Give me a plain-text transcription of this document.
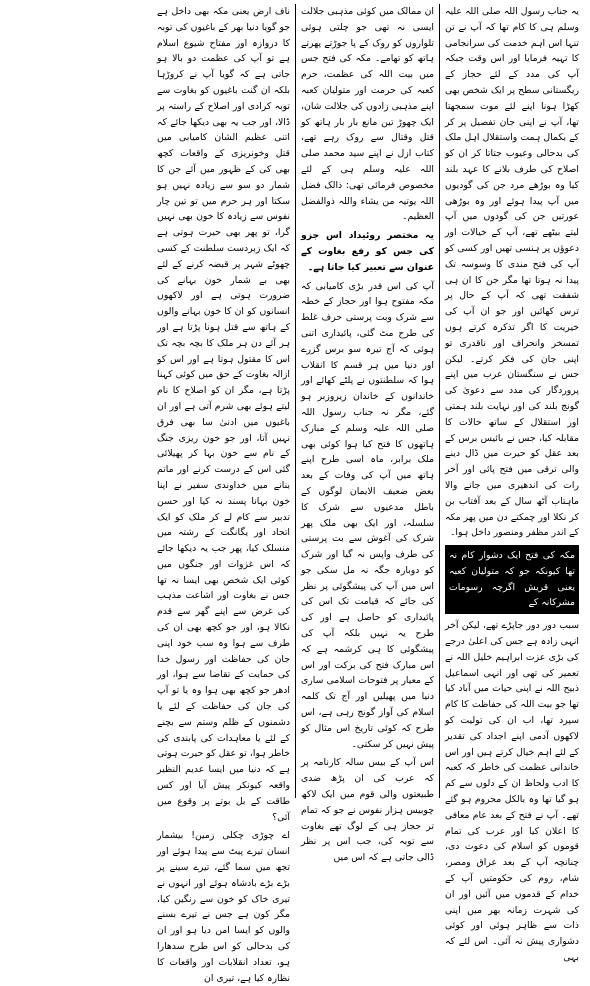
یہ جناب رسول اللہ صلی اللہ علیہ وسلم ہی کا کام تھا کہ آپ نے تن تنہا اس اہم خدمت کی سرانجامی کا تہیہ فرمایا اور اس وقت جبکہ آپ کی مدد کے لئے حجاز کے ریگستانی سطح پر ایک شخص بھی کھڑا ہونا اپنے لئے موت سمجھتا تھا، آپ نے اپنی جان تفصیل پر کر کے بکمال ہمت واستقلال اہل ملک کی بدحالی وعیوب جتاتا کر ان کو اصلاح کی طرف بلانے کا عہد بلند کیا وہ بوڑھے مرد جن کی گودیوں میں آپ پیدا ہوئے اور وہ بوڑھی عورتیں جن کی گودوں میں آپ لیتے بیٹھے تھے، آپ کے خیالات اور دعوؤں پر ہنسی تھیں اور کسی کو آپ کی فتح مندی کا وسوسہ تک پیدا نہ ہوتا تھا مگر جن کا ان ہی شفقت تھی کہ آپ کے حال پر ترس کھائیں اور جو ان آپ کی خیریت کا اگر تذکرہ کرتے ہوں تمسخر وانحراف اور ناقدری تو اپنی جان کی فکر کرتے۔ لیکن جس نے سنگستان عرب میں اپنے پروردگار کی مدد سے دعویٰ کی گونج بلند کی اور نہایت بلند ہمتی اور استقلال کے ساتھ حالات کا مقابلہ کیا، جس نے بائیس برس کے بعد عقل کو حیرت میں ڈال دینے والی ترقی میں فتح پائی اور آخر رات کی اندھیری میں جانے والا ماہتاب آٹھ سال کے بعد آفتاب بن کر نکلا اور چمکتے دن میں پھر مکہ کے اندر مظفر ومنصور داخل ہوا۔

مکہ کی فتح ایک دشوار کام نہ تھا کیونکہ جو کہ متولیان کعبہ یعنی قریش اگرچہ رسومات مشرکانہ کے

سبب دور دور جاپڑے تھے، لیکن آخر انہی زادہ ہے جس کی اعلیٰ درجے کی بڑی عزت ابراہیم خلیل اللہ نے تعمیر کی تھی اور انہی اسماعیل ذبیح اللہ نے اپنی حیات میں آباد کیا تھا جو بیت اللہ کی حفاظت کا کام سپرد تھا، اب ان کی تولیت کو لاکھوں آدمی اپنے اجداد کی تقدیر کے لئے اہم خیال کرتے ہیں اور اس خاندانی عظمت کی خاطر کہ کعبہ کا ادب ولحاظ ان کے دلوں سے کم ہو گیا تھا وہ بالکل محروم ہو گئے تھے۔ آپ نے فتح کے بعد عام معافی کا اعلان کیا اور عرب کی تمام قوموں کو اسلام کی دعوت دی، چنانچہ آپ کے بعد عراق ومصر، شام، روم کی حکومتیں آپ کے خدام کے قدموں میں آئیں اور ان کی شہرت زمانہ بھر میں اپنی ذات سے ظاہر ہوئی اور کوئی دشواری پیش نہ آئی۔ اس لئے کہ بہی

ان ممالک میں کوئی مذہبی جلالت ایسی نہ تھی جو چلتی ہوئی تلواروں کو روک کے پا جوڑتے پھرتے ہاتھ کو تھامے۔ مکہ کی فتح جس میں بیت اللہ کی عظمت، حرم کعبہ کی حرمت اور متولیان کعبہ اپنے مذہبی زادوں کی جلالت شان، ایک چھوڑ تین مانع بار بار ہاتھ کو قتل وقتال سے روک رہے تھے، کتاب ازل نے اپنے سید محمد صلی اللہ علیہ وسلم ہی کے لئے مخصوص فرمائی تھی: ذالک فضل اللہ یوتیہ من یشاء واللہ ذوالفضل العظیم۔

یہ مختصر روئیداد اس جزو کی جس کو رفع بغاوت کے عنوان سے تعبیر کیا جاتا ہے۔

آپ کی اس قدر بڑی کامیابی کہ مکہ مفتوح ہوا اور حجاز کے خطہ سے شرک وبت پرستی حرف غلط کی طرح مٹ گئی، پائیداری اتنی ہوئی کہ آج تیرہ سو برس گزرے اور دنیا میں ہر قسم کا انقلاب ہوا کہ سلطنتوں نے پلٹے کھائے اور خاندانوں کے خاندان زیروزبر ہو گئے، مگر نہ جناب رسول اللہ صلی اللہ علیہ وسلم کے مبارک ہاتھوں کا فتح کیا ہوا کوئی بھی ملک برابر، ماہ اسی طرح اپنے ہاتھ میں آپ کی وفات کے بعد بعض ضعیف الایمان لوگوں کے باطل مدعیوں سے شرک کا سلسلہ، اور ایک بھی ملک پھر شرک کی آغوش سے بت پرستی کی طرف واپس نہ گیا اور شرک کو دوبارہ جگہ نہ مل سکی جو اس میں آپ کی پیشگوئی پر نظر کی جائے کہ قیامت تک اس کی پائیداری کو حاصل ہے اور کی طرح یہ نہیں بلکہ آپ کی پیشگوئی کا ہی کرشمہ ہے کہ اس مبارک فتح کی برکت اور اس کے معیار پر فتوحات اسلامی ساری دنیا میں پھیلیں اور آج تک کلمہ اسلام کی آواز گونج رہی ہے، اس طرح کہ کوئی تاریخ اس مثال کو پیش نہیں کر سکتی۔

اس آپ کے بیس سالہ کارنامہ پر کہ عرب کی ان پڑھ ضدی طبیعتوں والی قوم میں ایک لاکھ چوبیس ہزار نفوس نے جو کہ تمام تر حجاز ہی کے لوگ تھے بغاوت سے توبہ کی، جب اس پر نظر ڈالی جاتی ہے کہ اس میں

ناف ارض یعنی مکہ بھی داخل ہے جو گویا دنیا بھر کے باغیوں کی توبہ کا دروازہ اور مفتاح شیوع اسلام ہے تو آپ کی عظمت دو بالا ہو جاتی ہے کہ گویا آپ نے کروڑہا بلکہ ان گنت باغیوں کو بغاوت سے توبہ کرادی اور اصلاح کے راستہ پر ڈالا، اور جب یہ بھی دیکھا جائے کہ اتنی عظیم الشان کامیابی میں قتل وخونریزی کے واقعات کچھ بھی کی کے ظہور میں آئے جن کا شمار دو سو سے زیادہ نہیں ہو سکتا اور ہر حرم میں تو تین چار نفوس سے زیادہ کا خون بھی نہیں گرا، تو پھر بھی حیرت ہوتی ہے کہ ایک زبردست سلطنت کے کسی چھوٹے شہر پر قبضہ کرنے کے لئے بھی بے شمار خون بہانے کی ضرورت ہوتی ہے اور لاکھوں انسانوں کو ان کا خون بہانے والوں کے ہاتھ سے قتل ہونا پڑتا ہے اور ہر آئے دن ہر ملک کا بچہ بچہ تک اس کا مقتول ہوتا ہے اور اس کو ازالہ بغاوت کے حق میں کوئی کہنا پڑتا ہے، مگر ان کو اصلاح کا نام لیتے ہوئے بھی شرم آتی ہے اور ان باغیوں میں ادنیٰ سا بھی فرق نہیں آتا، اور جو خون ریزی جنگ کے نام سے خون بہا کر پھیلائی گئی اس کے درست کرنے اور ماتم بنانے میں خداوندی سفیر نے اپنا خون بہانا پسند نہ کیا اور حسن تدبیر سے کام لے کر ملک کو ایک اتحاد اور یگانگت کے رشتہ میں منسلک کیا، پھر جب یہ دیکھا جائے کہ اس غزوات اور جنگوں میں کوئی ایک شخص بھی ایسا نہ تھا جس نے بغاوت اور اشاعت مذہب کی غرض سے اپنے گھر سے قدم نکالا ہو، اور جو کچھ بھی ان کی طرف سے ہوا وہ سب خود اپنی جان کی حفاظت اور رسول خدا کی حمایت کے تقاضا سے ہوا، اور ادھر جو کچھ بھی ہوا وہ یا تو آپ کی جان کی حفاظت کے لئے یا دشمنوں کے ظلم وستم سے بچنے کے لئے یا معاہدات کی پابندی کی خاطر ہوا، تو عقل کو حیرت ہوتی ہے کہ دنیا میں ایسا عدیم النظیر واقعہ کیونکر پیش آیا اور کس طاقت کے بل بوتے پر وقوع میں آئی؟

اے چوڑی چکلی زمین! بیشمار انسان تیرے پیٹ سے پیدا ہوئے اور تجھ میں سما گئے، تیرے سینے پر بڑے بڑے بادشاہ ہوئے اور انہوں نے تیری خاک کو خون سے رنگین کیا، مگر کون ہے جس نے تیرے بسنے والوں کو ایسا امن دیا ہو اور ان کی بدحالی کو اس طرح سدھارا ہو، تعداد انقلابات اور واقعات کا نظارہ کیا ہے، تیری ان
